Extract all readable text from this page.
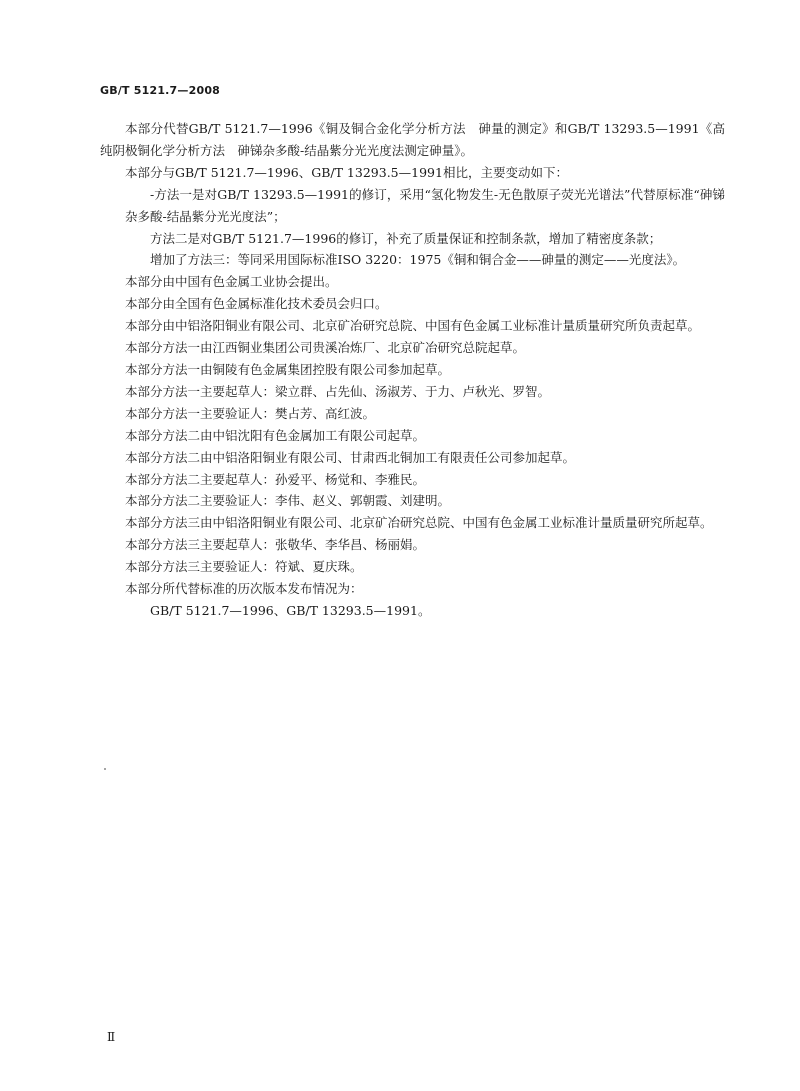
GB/T 5121.7—2008

本部分代替GB/T 5121.7—1996《铜及铜合金化学分析方法　砷量的测定》和GB/T 13293.5—1991《高纯阴极铜化学分析方法　砷锑杂多酸-结晶紫分光光度法测定砷量》。

本部分与GB/T 5121.7—1996、GB/T 13293.5—1991相比，主要变动如下：

-方法一是对GB/T 13293.5—1991的修订，采用“氢化物发生-无色散原子荧光光谱法”代替原标准“砷锑杂多酸-结晶紫分光光度法”；

方法二是对GB/T 5121.7—1996的修订，补充了质量保证和控制条款，增加了精密度条款；

增加了方法三：等同采用国际标准ISO 3220：1975《铜和铜合金——砷量的测定——光度法》。

本部分由中国有色金属工业协会提出。

本部分由全国有色金属标准化技术委员会归口。

本部分由中铝洛阳铜业有限公司、北京矿冶研究总院、中国有色金属工业标准计量质量研究所负责起草。

本部分方法一由江西铜业集团公司贵溪冶炼厂、北京矿冶研究总院起草。

本部分方法一由铜陵有色金属集团控股有限公司参加起草。

本部分方法一主要起草人：梁立群、占先仙、汤淑芳、于力、卢秋光、罗智。

本部分方法一主要验证人：樊占芳、高红波。

本部分方法二由中铝沈阳有色金属加工有限公司起草。

本部分方法二由中铝洛阳铜业有限公司、甘肃西北铜加工有限责任公司参加起草。

本部分方法二主要起草人：孙爱平、杨觉和、李雅民。

本部分方法二主要验证人：李伟、赵义、郭朝霞、刘建明。

本部分方法三由中铝洛阳铜业有限公司、北京矿冶研究总院、中国有色金属工业标准计量质量研究所起草。

本部分方法三主要起草人：张敬华、李华昌、杨丽娟。

本部分方法三主要验证人：符斌、夏庆珠。

本部分所代替标准的历次版本发布情况为：

GB/T 5121.7—1996、GB/T 13293.5—1991。

Ⅱ
